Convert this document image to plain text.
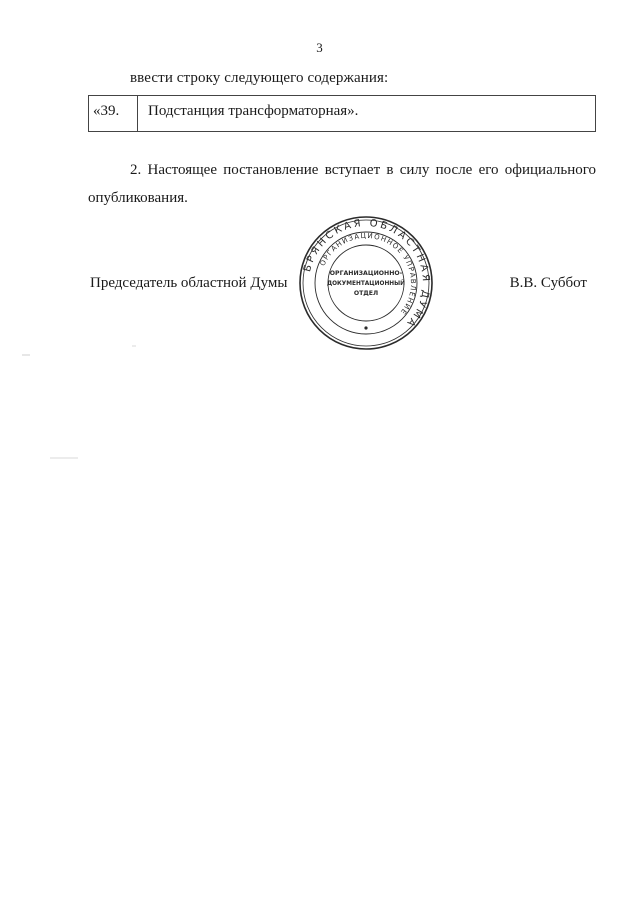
3
ввести строку следующего содержания:
«39.	Подстанция трансформаторная».
2. Настоящее постановление вступает в силу после его официального опубликования.
Председатель областной Думы
БРЯНСКАЯ ОБЛАСТНАЯ ДУМА
ОРГАНИЗАЦИОННОЕ УПРАВЛЕНИЕ
ОРГАНИЗАЦИОННО-
ДОКУМЕНТАЦИОННЫЙ
ОТДЕЛ
В.В. Суббот
